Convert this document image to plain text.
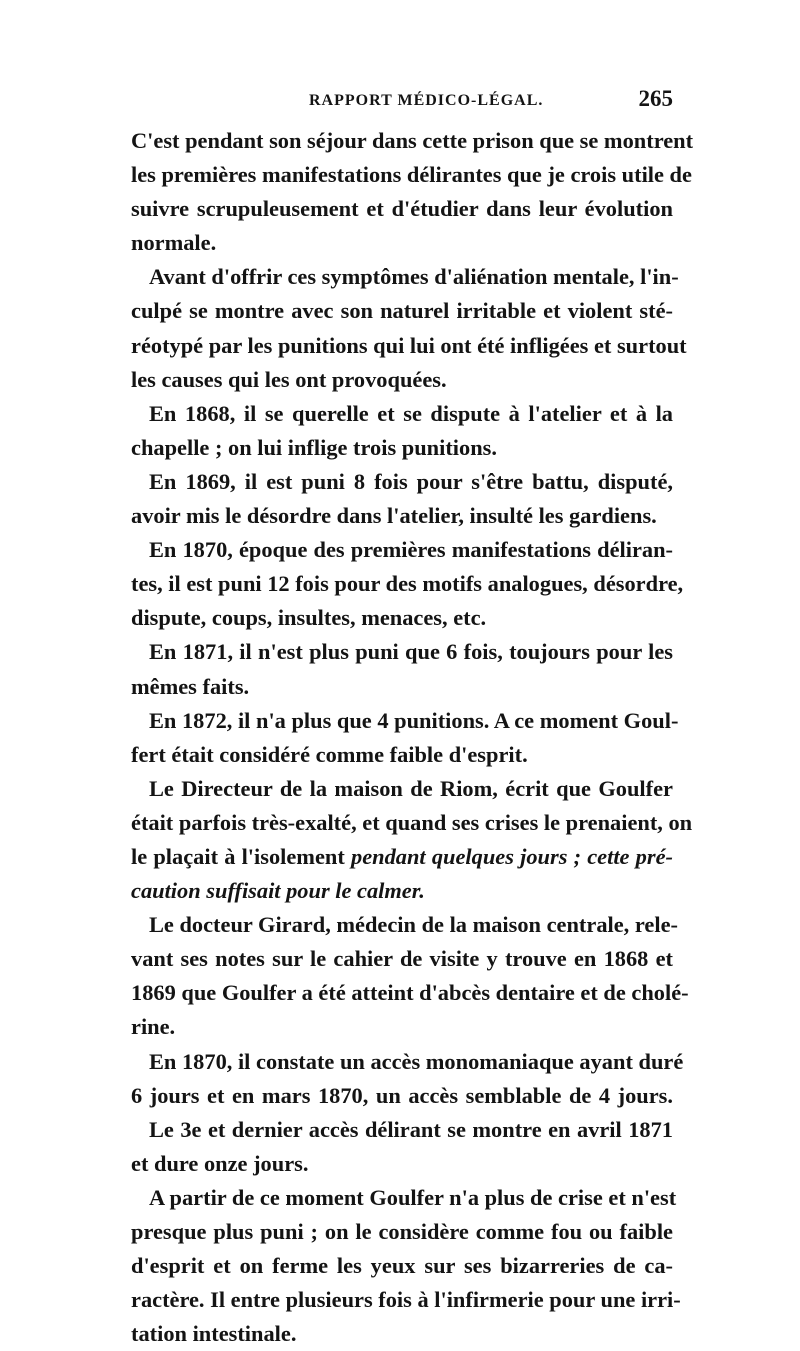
RAPPORT MÉDICO-LÉGAL.	265
C'est pendant son séjour dans cette prison que se montrent
les premières manifestations délirantes que je crois utile de
suivre scrupuleusement et d'étudier dans leur évolution
normale.
Avant d'offrir ces symptômes d'aliénation mentale, l'in-
culpé se montre avec son naturel irritable et violent sté-
réotypé par les punitions qui lui ont été infligées et surtout
les causes qui les ont provoquées.
En 1868, il se querelle et se dispute à l'atelier et à la
chapelle ; on lui inflige trois punitions.
En 1869, il est puni 8 fois pour s'être battu, disputé,
avoir mis le désordre dans l'atelier, insulté les gardiens.
En 1870, époque des premières manifestations déliran-
tes, il est puni 12 fois pour des motifs analogues, désordre,
dispute, coups, insultes, menaces, etc.
En 1871, il n'est plus puni que 6 fois, toujours pour les
mêmes faits.
En 1872, il n'a plus que 4 punitions. A ce moment Goul-
fert était considéré comme faible d'esprit.
Le Directeur de la maison de Riom, écrit que Goulfer
était parfois très-exalté, et quand ses crises le prenaient, on
le plaçait à l'isolement pendant quelques jours ; cette pré-
caution suffisait pour le calmer.
Le docteur Girard, médecin de la maison centrale, rele-
vant ses notes sur le cahier de visite y trouve en 1868 et
1869 que Goulfer a été atteint d'abcès dentaire et de cholé-
rine.
En 1870, il constate un accès monomaniaque ayant duré
6 jours et en mars 1870, un accès semblable de 4 jours.
Le 3e et dernier accès délirant se montre en avril 1871
et dure onze jours.
A partir de ce moment Goulfer n'a plus de crise et n'est
presque plus puni ; on le considère comme fou ou faible
d'esprit et on ferme les yeux sur ses bizarreries de ca-
ractère. Il entre plusieurs fois à l'infirmerie pour une irri-
tation intestinale.
